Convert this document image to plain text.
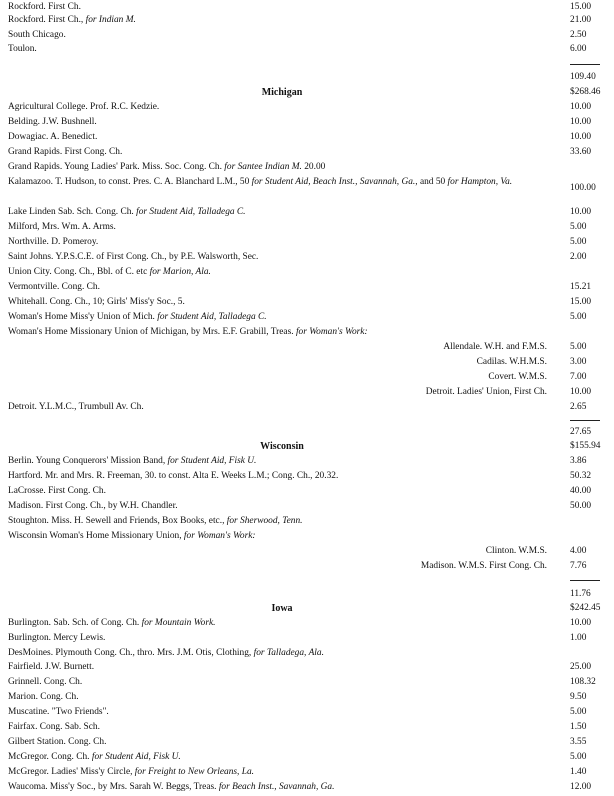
Rockford. First Ch.	15.00
Rockford. First Ch., for Indian M.	21.00
South Chicago.	2.50
Toulon.	6.00
109.40
Michigan	$268.46
Agricultural College. Prof. R.C. Kedzie.	10.00
Belding. J.W. Bushnell.	10.00
Dowagiac. A. Benedict.	10.00
Grand Rapids. First Cong. Ch.	33.60
Grand Rapids. Young Ladies' Park. Miss. Soc. Cong. Ch. for Santee Indian M. 20.00
Kalamazoo. T. Hudson, to const. Pres. C. A. Blanchard L.M., 50 for Student Aid, Beach Inst., Savannah, Ga., and 50 for Hampton, Va.
100.00
Lake Linden Sab. Sch. Cong. Ch. for Student Aid, Talladega C.	10.00
Milford, Mrs. Wm. A. Arms.	5.00
Northville. D. Pomeroy.	5.00
Saint Johns. Y.P.S.C.E. of First Cong. Ch., by P.E. Walsworth, Sec.	2.00
Union City. Cong. Ch., Bbl. of C. etc for Marion, Ala.
Vermontville. Cong. Ch.	15.21
Whitehall. Cong. Ch., 10; Girls' Miss'y Soc., 5.	15.00
Woman's Home Miss'y Union of Mich. for Student Aid, Talladega C.	5.00
Woman's Home Missionary Union of Michigan, by Mrs. E.F. Grabill, Treas. for Woman's Work:
Allendale. W.H. and F.M.S. 5.00
Cadilas. W.H.M.S. 3.00
Covert. W.M.S. 7.00
Detroit. Ladies' Union, First Ch. 10.00
Detroit. Y.L.M.C., Trumbull Av. Ch.	2.65
27.65
Wisconsin	$155.94
Berlin. Young Conquerors' Mission Band, for Student Aid, Fisk U.	3.86
Hartford. Mr. and Mrs. R. Freeman, 30. to const. Alta E. Weeks L.M.; Cong. Ch., 20.32.	50.32
LaCrosse. First Cong. Ch.	40.00
Madison. First Cong. Ch., by W.H. Chandler.	50.00
Stoughton. Miss. H. Sewell and Friends, Box Books, etc., for Sherwood, Tenn.
Wisconsin Woman's Home Missionary Union, for Woman's Work:
Clinton. W.M.S. 4.00
Madison. W.M.S. First Cong. Ch. 7.76
11.76
Iowa	$242.45
Burlington. Sab. Sch. of Cong. Ch. for Mountain Work.	10.00
Burlington. Mercy Lewis.	1.00
DesMoines. Plymouth Cong. Ch., thro. Mrs. J.M. Otis, Clothing, for Talladega, Ala.
Fairfield. J.W. Burnett.	25.00
Grinnell. Cong. Ch.	108.32
Marion. Cong. Ch.	9.50
Muscatine. "Two Friends".	5.00
Fairfax. Cong. Sab. Sch.	1.50
Gilbert Station. Cong. Ch.	3.55
McGregor. Cong. Ch. for Student Aid, Fisk U.	5.00
McGregor. Ladies' Miss'y Circle, for Freight to New Orleans, La.	1.40
Waucoma. Miss'y Soc., by Mrs. Sarah W. Beggs, Treas. for Beach Inst., Savannah, Ga.	12.00
